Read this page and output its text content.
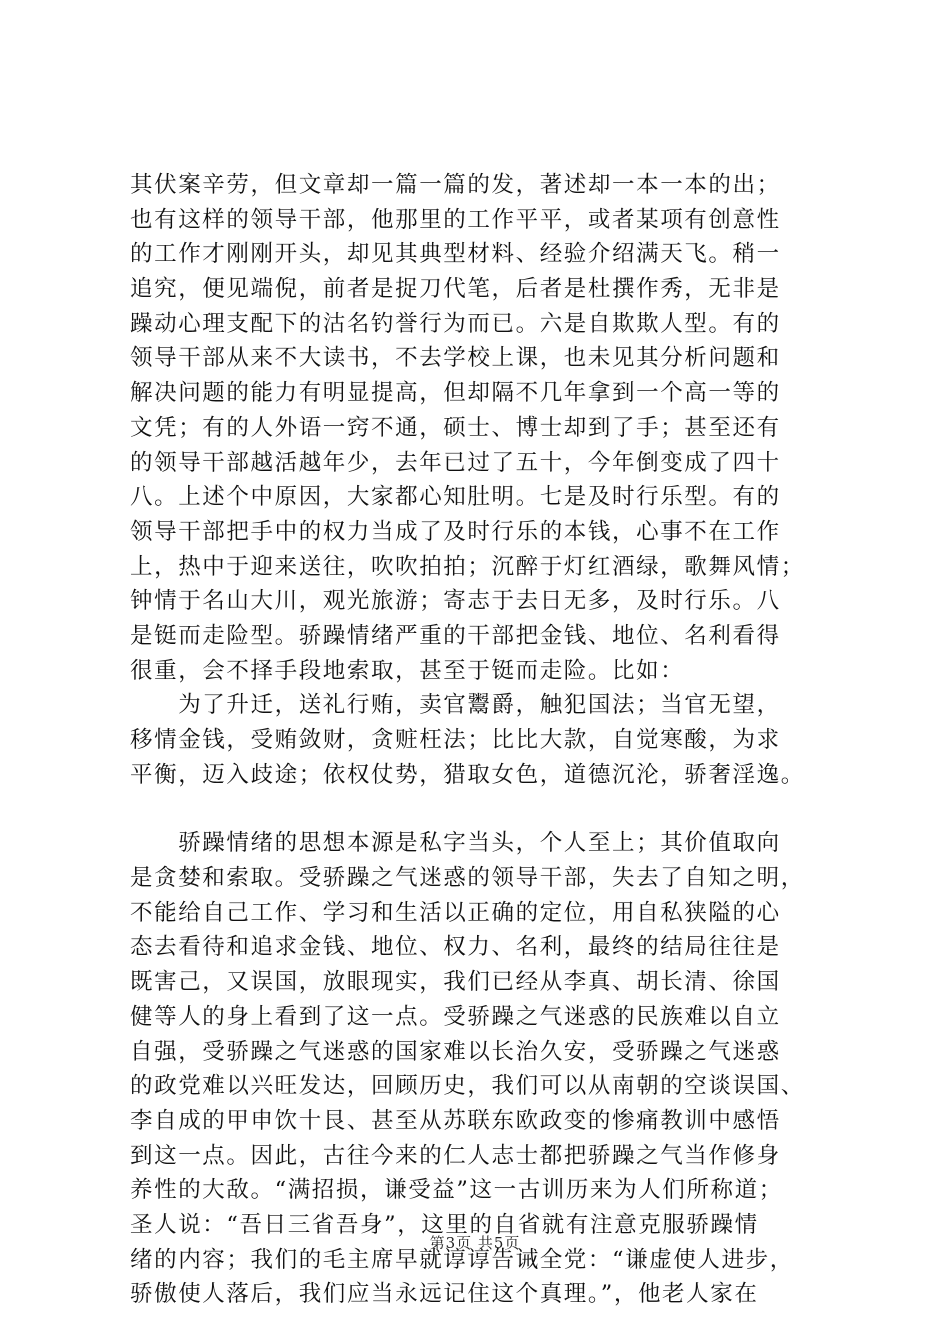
其伏案辛劳，但文章却一篇一篇的发，著述却一本一本的出；
也有这样的领导干部，他那里的工作平平，或者某项有创意性
的工作才刚刚开头，却见其典型材料、经验介绍满天飞。稍一
追究，便见端倪，前者是捉刀代笔，后者是杜撰作秀，无非是
躁动心理支配下的沽名钓誉行为而已。六是自欺欺人型。有的
领导干部从来不大读书，不去学校上课，也未见其分析问题和
解决问题的能力有明显提高，但却隔不几年拿到一个高一等的
文凭；有的人外语一窍不通，硕士、博士却到了手；甚至还有
的领导干部越活越年少，去年已过了五十，今年倒变成了四十
八。上述个中原因，大家都心知肚明。七是及时行乐型。有的
领导干部把手中的权力当成了及时行乐的本钱，心事不在工作
上，热中于迎来送往，吹吹拍拍；沉醉于灯红酒绿，歌舞风情；
钟情于名山大川，观光旅游；寄志于去日无多，及时行乐。八
是铤而走险型。骄躁情绪严重的干部把金钱、地位、名利看得
很重，会不择手段地索取，甚至于铤而走险。比如：
　　为了升迁，送礼行贿，卖官鬻爵，触犯国法；当官无望，
移情金钱，受贿敛财，贪赃枉法；比比大款，自觉寒酸，为求
平衡，迈入歧途；依权仗势，猎取女色，道德沉沦，骄奢淫逸。
　　骄躁情绪的思想本源是私字当头，个人至上；其价值取向
是贪婪和索取。受骄躁之气迷惑的领导干部，失去了自知之明，
不能给自己工作、学习和生活以正确的定位，用自私狭隘的心
态去看待和追求金钱、地位、权力、名利，最终的结局往往是
既害己，又误国，放眼现实，我们已经从李真、胡长清、徐国
健等人的身上看到了这一点。受骄躁之气迷惑的民族难以自立
自强，受骄躁之气迷惑的国家难以长治久安，受骄躁之气迷惑
的政党难以兴旺发达，回顾历史，我们可以从南朝的空谈误国、
李自成的甲申饮十艮、甚至从苏联东欧政变的惨痛教训中感悟
到这一点。因此，古往今来的仁人志士都把骄躁之气当作修身
养性的大敌。“满招损，谦受益”这一古训历来为人们所称道；
圣人说：“吾日三省吾身”，这里的自省就有注意克服骄躁情
绪的内容；我们的毛主席早就谆谆告诫全党：“谦虚使人进步，
骄傲使人落后，我们应当永远记住这个真理。”，他老人家在
第3页 共5页
